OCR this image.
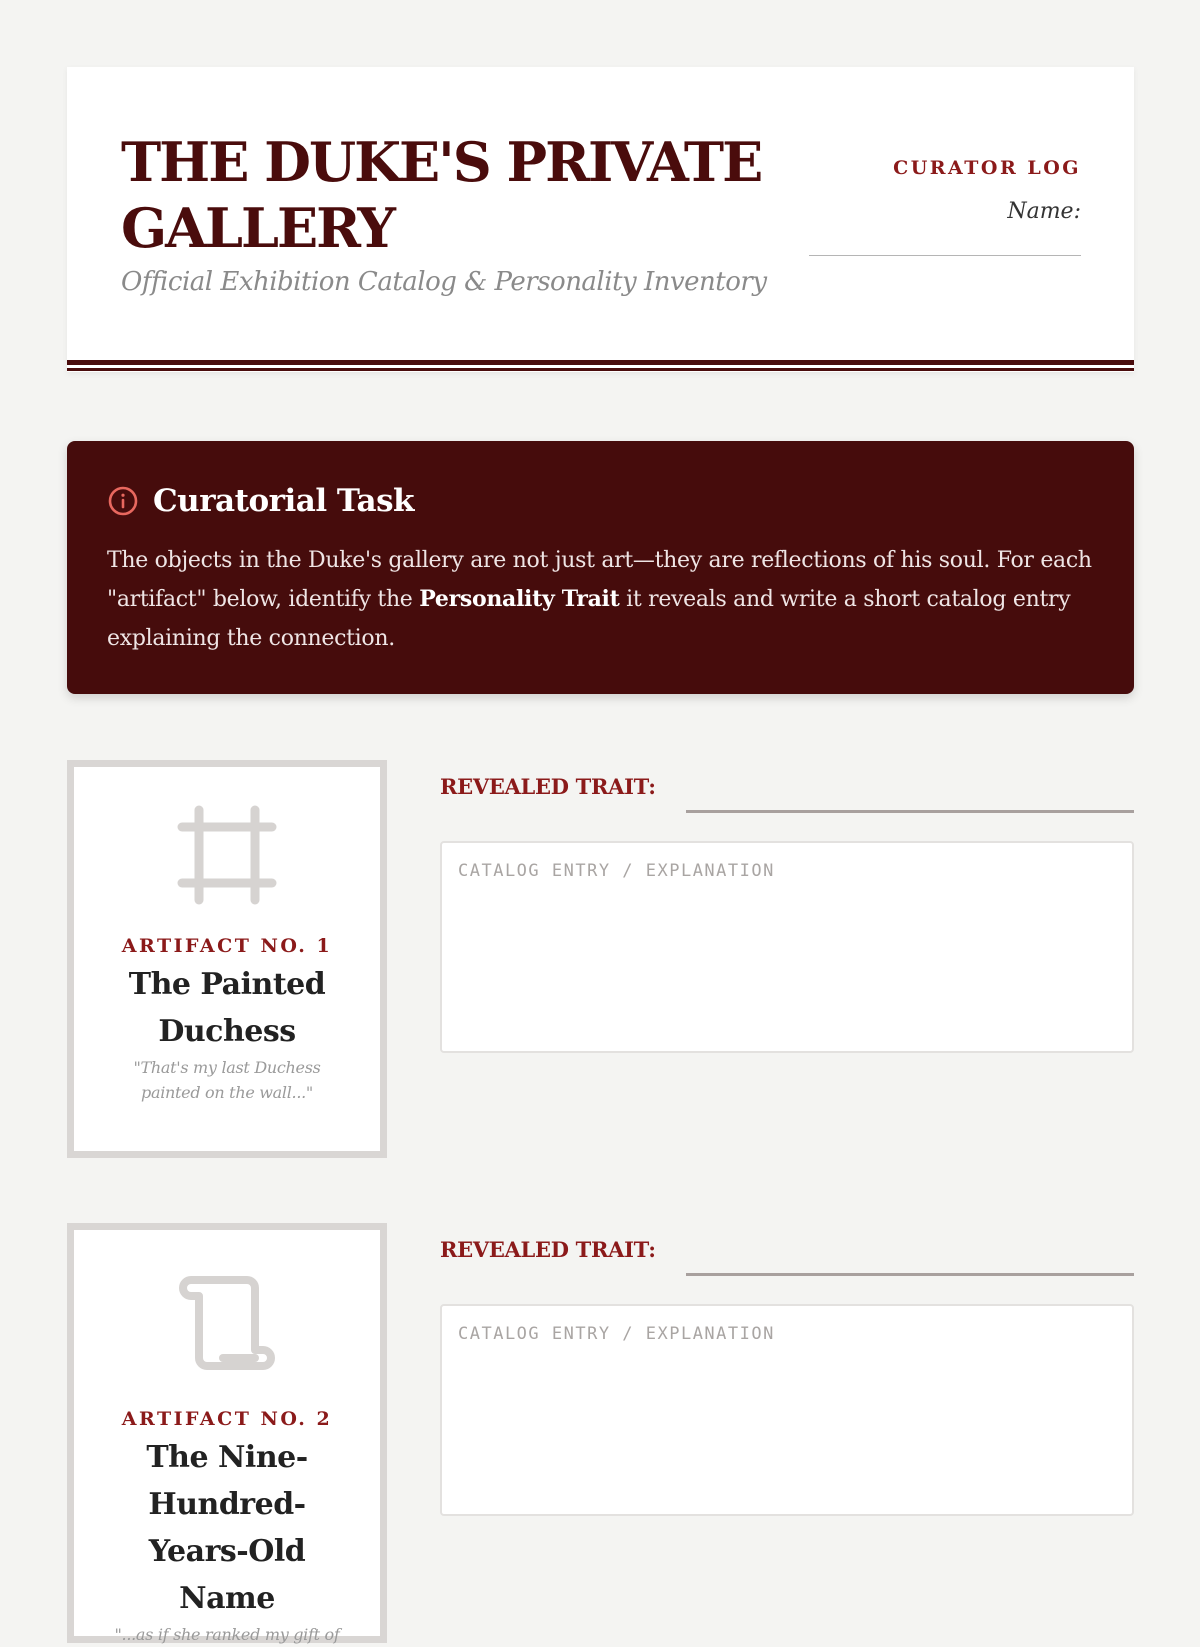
THE DUKE'S PRIVATE GALLERY
Official Exhibition Catalog & Personality Inventory
CURATOR LOG
Name:
Curatorial Task
The objects in the Duke's gallery are not just art—they are reflections of his soul. For each "artifact" below, identify the Personality Trait it reveals and write a short catalog entry explaining the connection.
ARTIFACT NO. 1
The Painted Duchess
"That's my last Duchess painted on the wall..."
REVEALED TRAIT:
CATALOG ENTRY / EXPLANATION
ARTIFACT NO. 2
The Nine-Hundred-Years-Old Name
"...as if she ranked my gift of
REVEALED TRAIT:
CATALOG ENTRY / EXPLANATION
